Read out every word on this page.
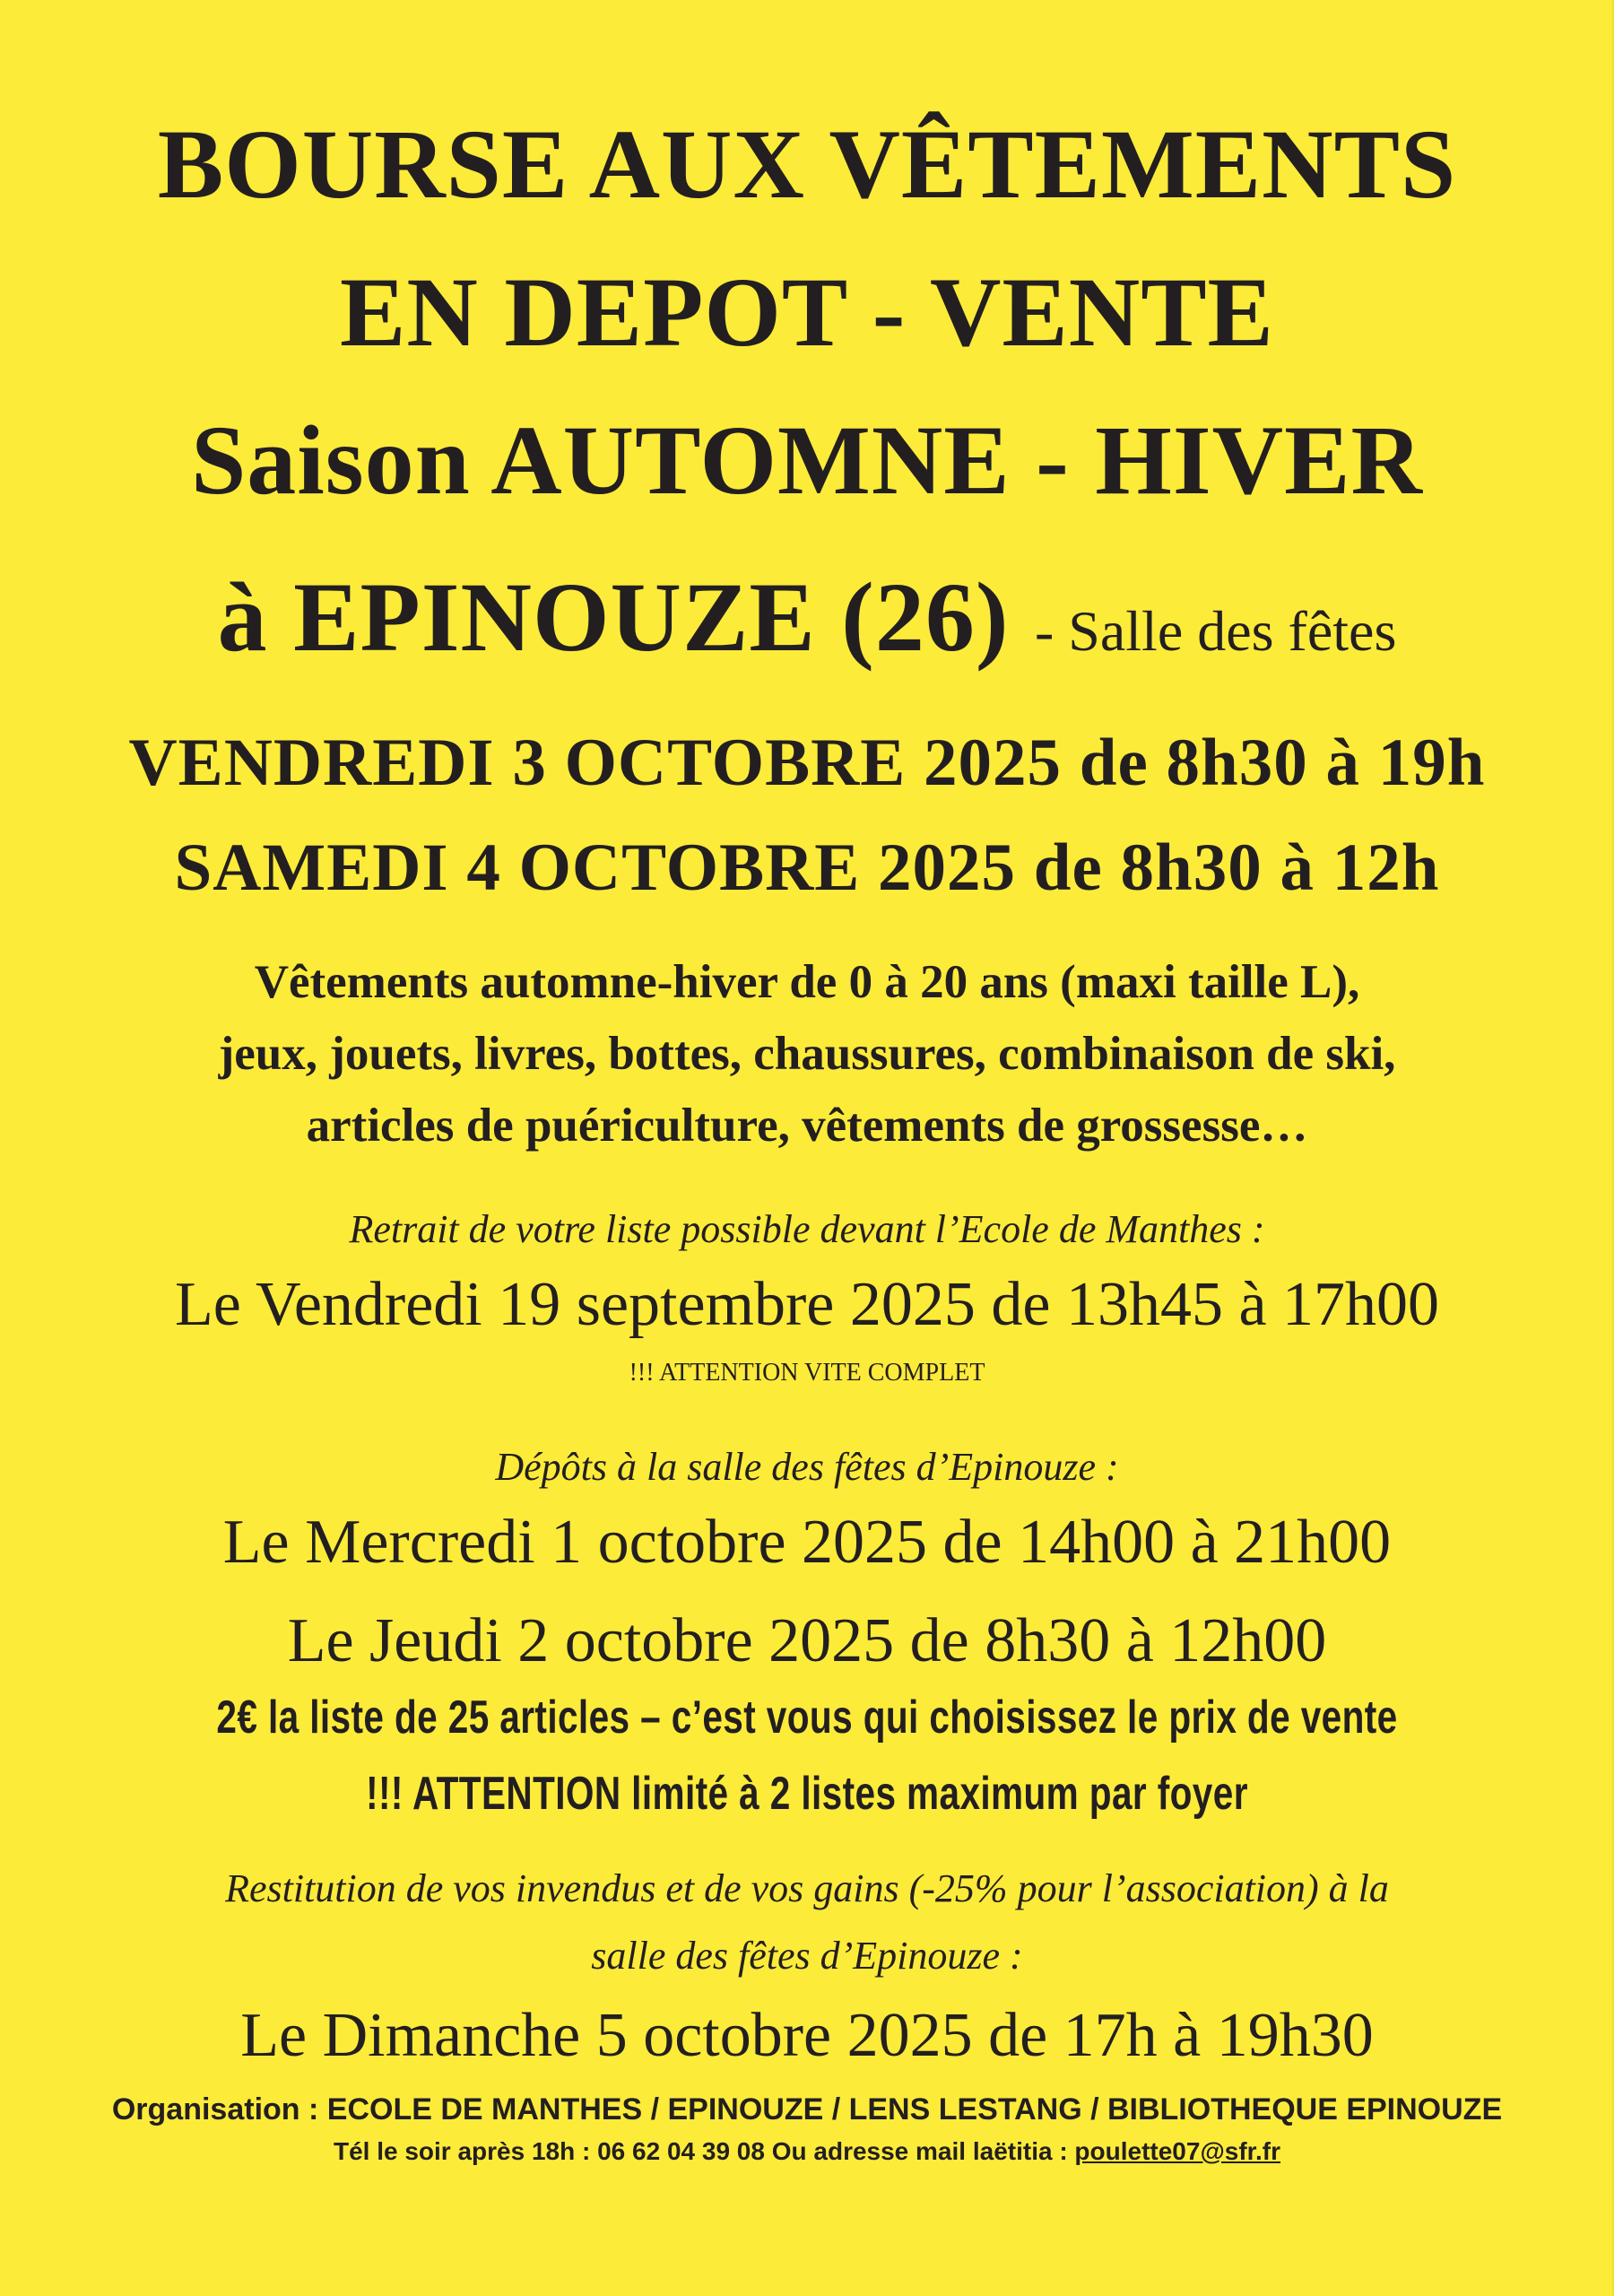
BOURSE AUX VÊTEMENTS
EN DEPOT - VENTE
Saison AUTOMNE - HIVER
à EPINOUZE (26) - Salle des fêtes
VENDREDI 3 OCTOBRE 2025 de 8h30 à 19h
SAMEDI 4 OCTOBRE 2025 de 8h30 à 12h
Vêtements automne-hiver de 0 à 20 ans (maxi taille L),
jeux, jouets, livres, bottes, chaussures, combinaison de ski,
articles de puériculture, vêtements de grossesse…
Retrait de votre liste possible devant l’Ecole de Manthes :
Le Vendredi 19 septembre 2025 de 13h45 à 17h00
!!! ATTENTION VITE COMPLET
Dépôts à la salle des fêtes d’Epinouze :
Le Mercredi 1 octobre 2025 de 14h00 à 21h00
Le Jeudi 2 octobre 2025 de 8h30 à 12h00
2€ la liste de 25 articles – c’est vous qui choisissez le prix de vente
!!! ATTENTION limité à 2 listes maximum par foyer
Restitution de vos invendus et de vos gains (-25% pour l’association) à la
salle des fêtes d’Epinouze :
Le Dimanche 5 octobre 2025 de 17h à 19h30
Organisation : ECOLE DE MANTHES / EPINOUZE / LENS LESTANG / BIBLIOTHEQUE EPINOUZE
Tél le soir après 18h : 06 62 04 39 08 Ou adresse mail laëtitia : poulette07@sfr.fr
